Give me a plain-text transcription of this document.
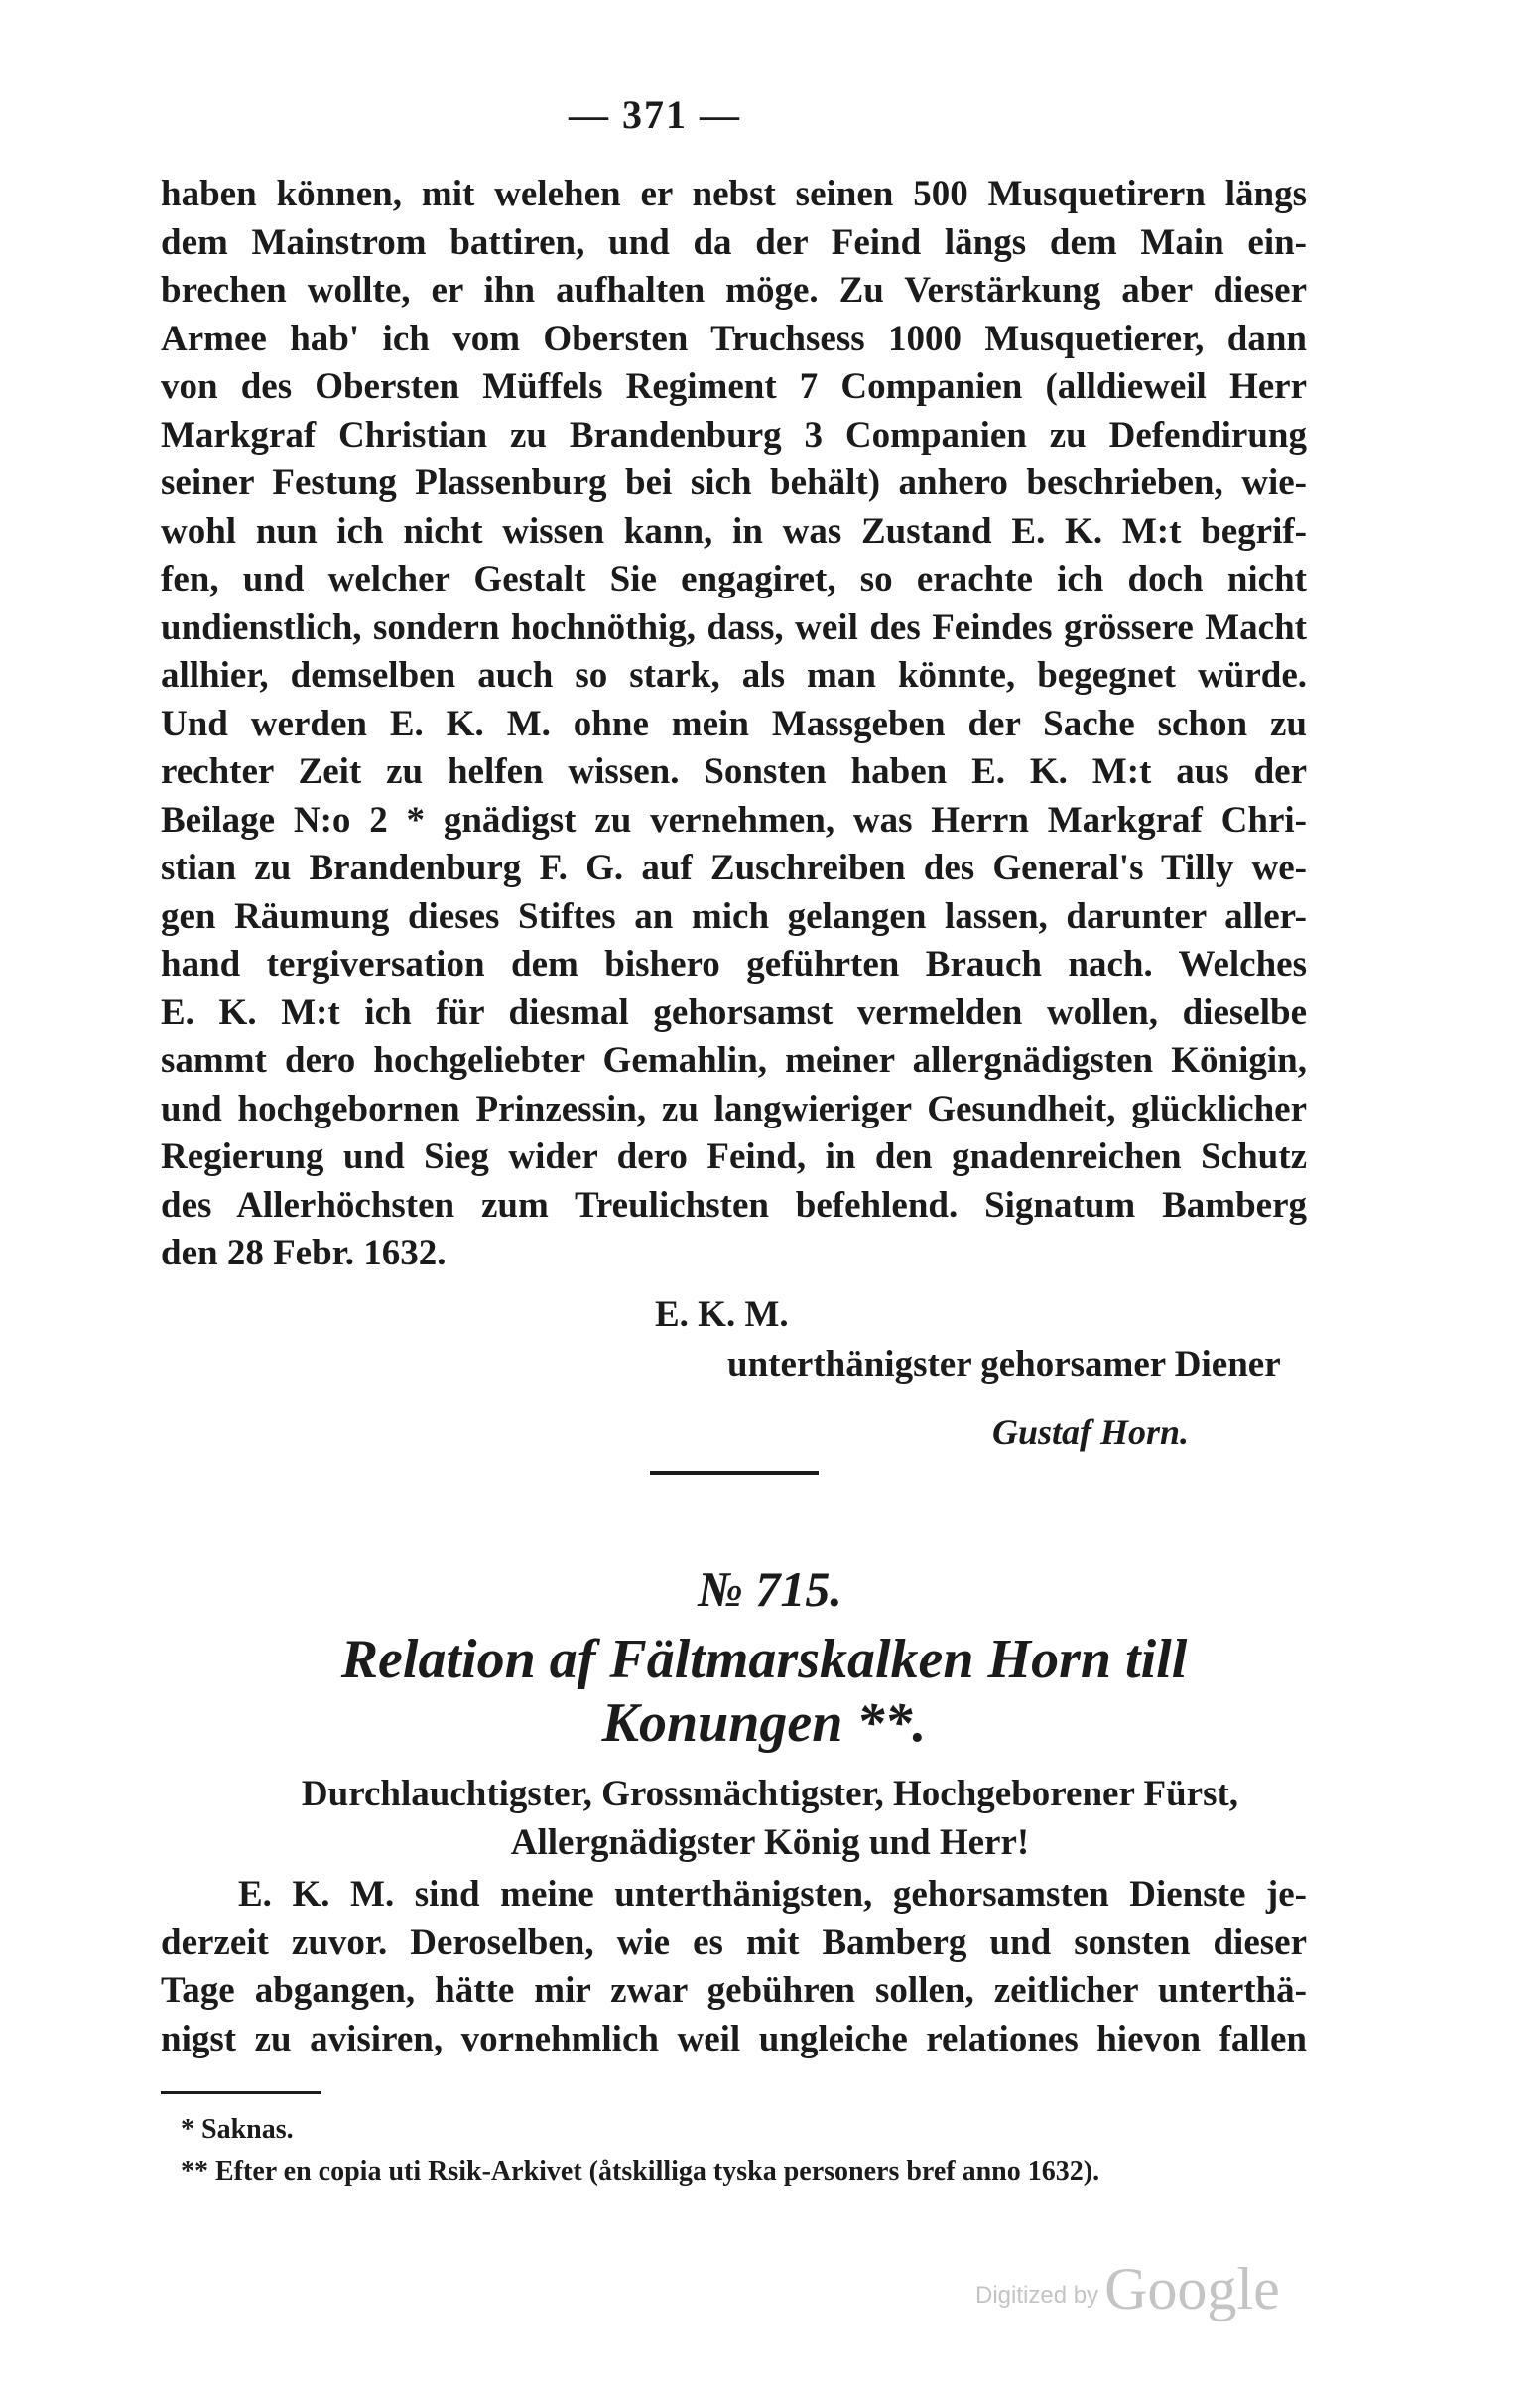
— 371 —
haben können, mit welehen er nebst seinen 500 Musquetirern längs
dem Mainstrom battiren, und da der Feind längs dem Main ein-
brechen wollte, er ihn aufhalten möge. Zu Verstärkung aber dieser
Armee hab' ich vom Obersten Truchsess 1000 Musquetierer, dann
von des Obersten Müffels Regiment 7 Companien (alldieweil Herr
Markgraf Christian zu Brandenburg 3 Companien zu Defendirung
seiner Festung Plassenburg bei sich behält) anhero beschrieben, wie-
wohl nun ich nicht wissen kann, in was Zustand E. K. M:t begrif-
fen, und welcher Gestalt Sie engagiret, so erachte ich doch nicht
undienstlich, sondern hochnöthig, dass, weil des Feindes grössere Macht
allhier, demselben auch so stark, als man könnte, begegnet würde.
Und werden E. K. M. ohne mein Massgeben der Sache schon zu
rechter Zeit zu helfen wissen. Sonsten haben E. K. M:t aus der
Beilage N:o 2 * gnädigst zu vernehmen, was Herrn Markgraf Chri-
stian zu Brandenburg F. G. auf Zuschreiben des General's Tilly we-
gen Räumung dieses Stiftes an mich gelangen lassen, darunter aller-
hand tergiversation dem bishero geführten Brauch nach. Welches
E. K. M:t ich für diesmal gehorsamst vermelden wollen, dieselbe
sammt dero hochgeliebter Gemahlin, meiner allergnädigsten Königin,
und hochgebornen Prinzessin, zu langwieriger Gesundheit, glücklicher
Regierung und Sieg wider dero Feind, in den gnadenreichen Schutz
des Allerhöchsten zum Treulichsten befehlend. Signatum Bamberg
den 28 Febr. 1632.
E. K. M.
unterthänigster gehorsamer Diener
Gustaf Horn.
№ 715.
Relation af Fältmarskalken Horn till
Konungen **.
Durchlauchtigster, Grossmächtigster, Hochgeborener Fürst,
Allergnädigster König und Herr!
E. K. M. sind meine unterthänigsten, gehorsamsten Dienste je-
derzeit zuvor. Deroselben, wie es mit Bamberg und sonsten dieser
Tage abgangen, hätte mir zwar gebühren sollen, zeitlicher unterthä-
nigst zu avisiren, vornehmlich weil ungleiche relationes hievon fallen
* Saknas.
** Efter en copia uti Rsik-Arkivet (åtskilliga tyska personers bref anno 1632).
Digitized by Google
